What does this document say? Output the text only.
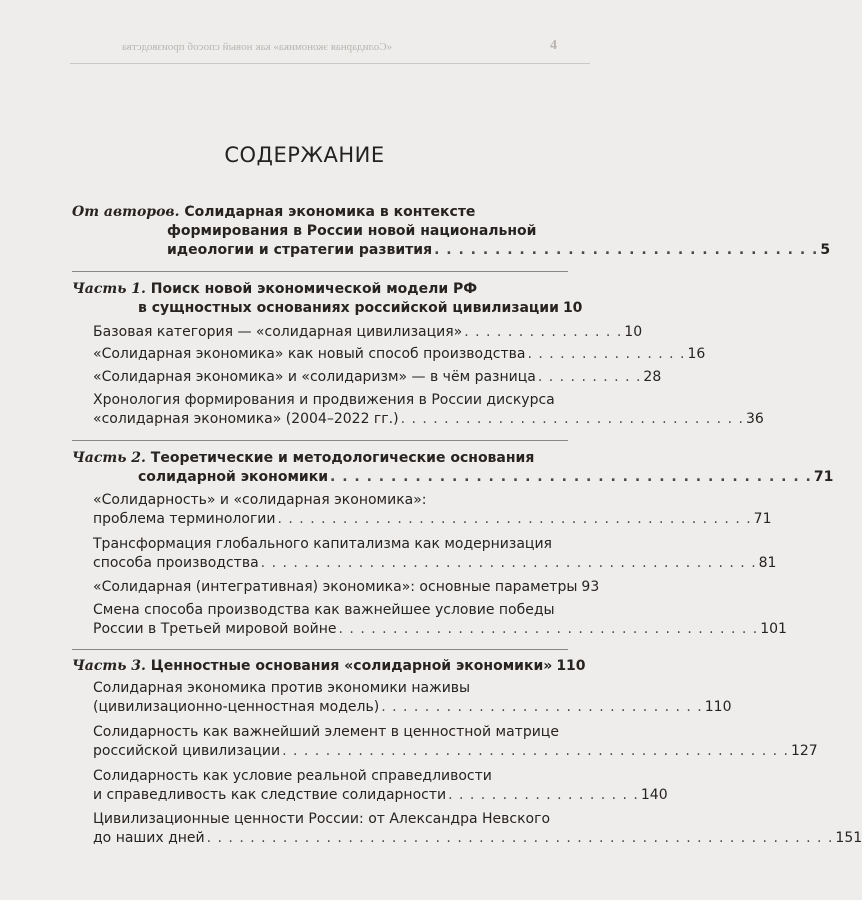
«Солидарная экономика» как новый способ производства	4
СОДЕРЖАНИЕ
От авторов. Солидарная экономика в контексте
формирования в России новой национальной
идеологии и стратегии развития . . . . . . . . . . . . . . . . . . . . . . . . . . . . . . . . 5
Часть 1. Поиск новой экономической модели РФ
в сущностных основаниях российской цивилизации 10
Базовая категория — «солидарная цивилизация» . . . . . . . . . . . . . . . 10
«Солидарная экономика» как новый способ производства . . . . . . . . . . . . . . . 16
«Солидарная экономика» и «солидаризм» — в чём разница . . . . . . . . . . 28
Хронология формирования и продвижения в России дискурса
«солидарная экономика» (2004–2022 гг.) . . . . . . . . . . . . . . . . . . . . . . . . . . . . . . . . 36
Часть 2. Теоретические и методологические основания
солидарной экономики . . . . . . . . . . . . . . . . . . . . . . . . . . . . . . . . . . . . . . . . 71
«Солидарность» и «солидарная экономика»:
проблема терминологии . . . . . . . . . . . . . . . . . . . . . . . . . . . . . . . . . . . . . . . . . . . . 71
Трансформация глобального капитализма как модернизация
способа производства . . . . . . . . . . . . . . . . . . . . . . . . . . . . . . . . . . . . . . . . . . . . . . 81
«Солидарная (интегративная) экономика»: основные параметры 93
Смена способа производства как важнейшее условие победы
России в Третьей мировой войне . . . . . . . . . . . . . . . . . . . . . . . . . . . . . . . . . . . . . . . 101
Часть 3. Ценностные основания «солидарной экономики» 110
Солидарная экономика против экономики наживы
(цивилизационно-ценностная модель) . . . . . . . . . . . . . . . . . . . . . . . . . . . . . . 110
Солидарность как важнейший элемент в ценностной матрице
российской цивилизации . . . . . . . . . . . . . . . . . . . . . . . . . . . . . . . . . . . . . . . . . . . . . . . 127
Солидарность как условие реальной справедливости
и справедливость как следствие солидарности . . . . . . . . . . . . . . . . . . 140
Цивилизационные ценности России: от Александра Невского
до наших дней . . . . . . . . . . . . . . . . . . . . . . . . . . . . . . . . . . . . . . . . . . . . . . . . . . . . . . . . . . 151
